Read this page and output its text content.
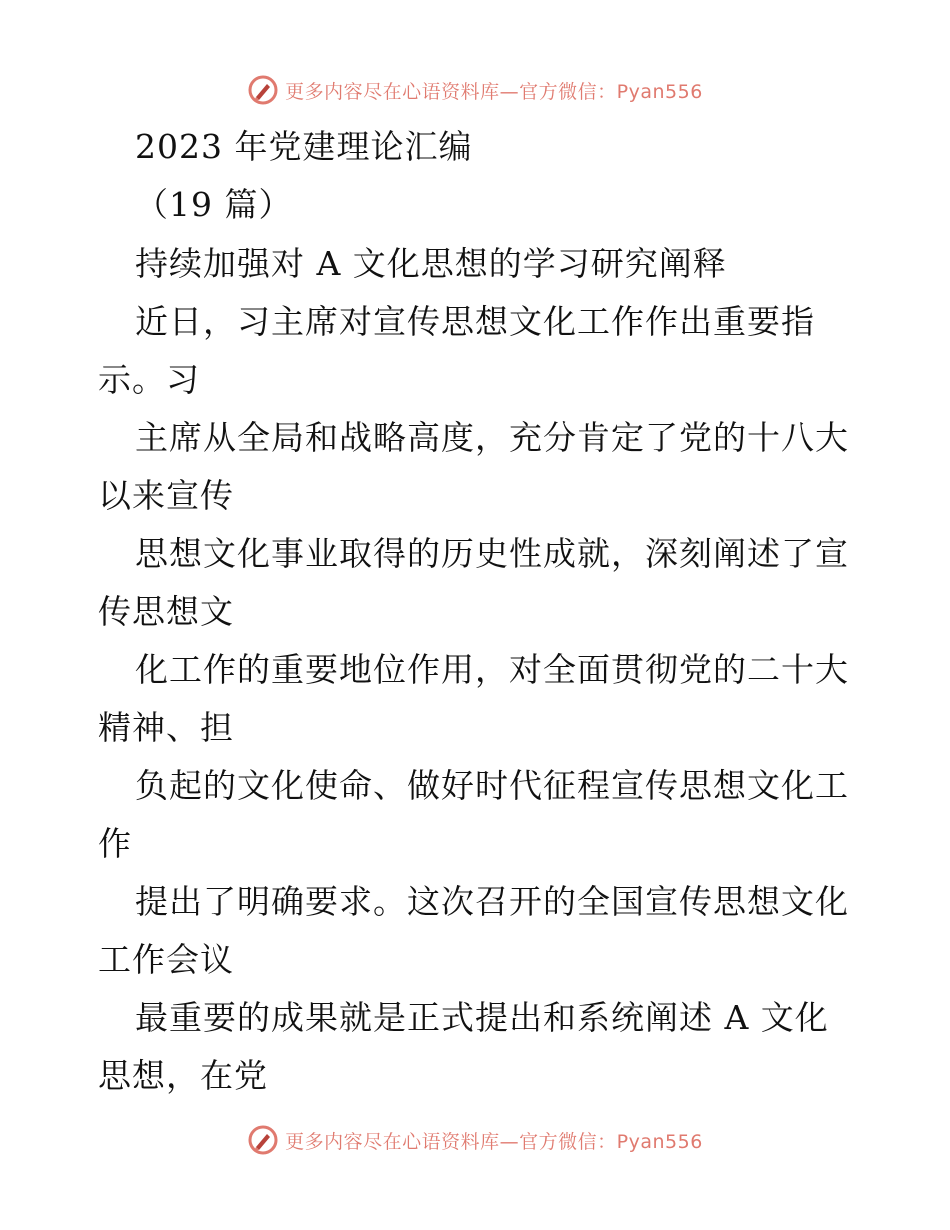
更多内容尽在心语资料库—官方微信：Pyan556
2023 年党建理论汇编
（19 篇）
持续加强对 A 文化思想的学习研究阐释
近日，习主席对宣传思想文化工作作出重要指
示。习
主席从全局和战略高度，充分肯定了党的十八大
以来宣传
思想文化事业取得的历史性成就，深刻阐述了宣
传思想文
化工作的重要地位作用，对全面贯彻党的二十大
精神、担
负起的文化使命、做好时代征程宣传思想文化工
作
提出了明确要求。这次召开的全国宣传思想文化
工作会议
最重要的成果就是正式提出和系统阐述 A 文化
思想，在党
更多内容尽在心语资料库—官方微信：Pyan556
